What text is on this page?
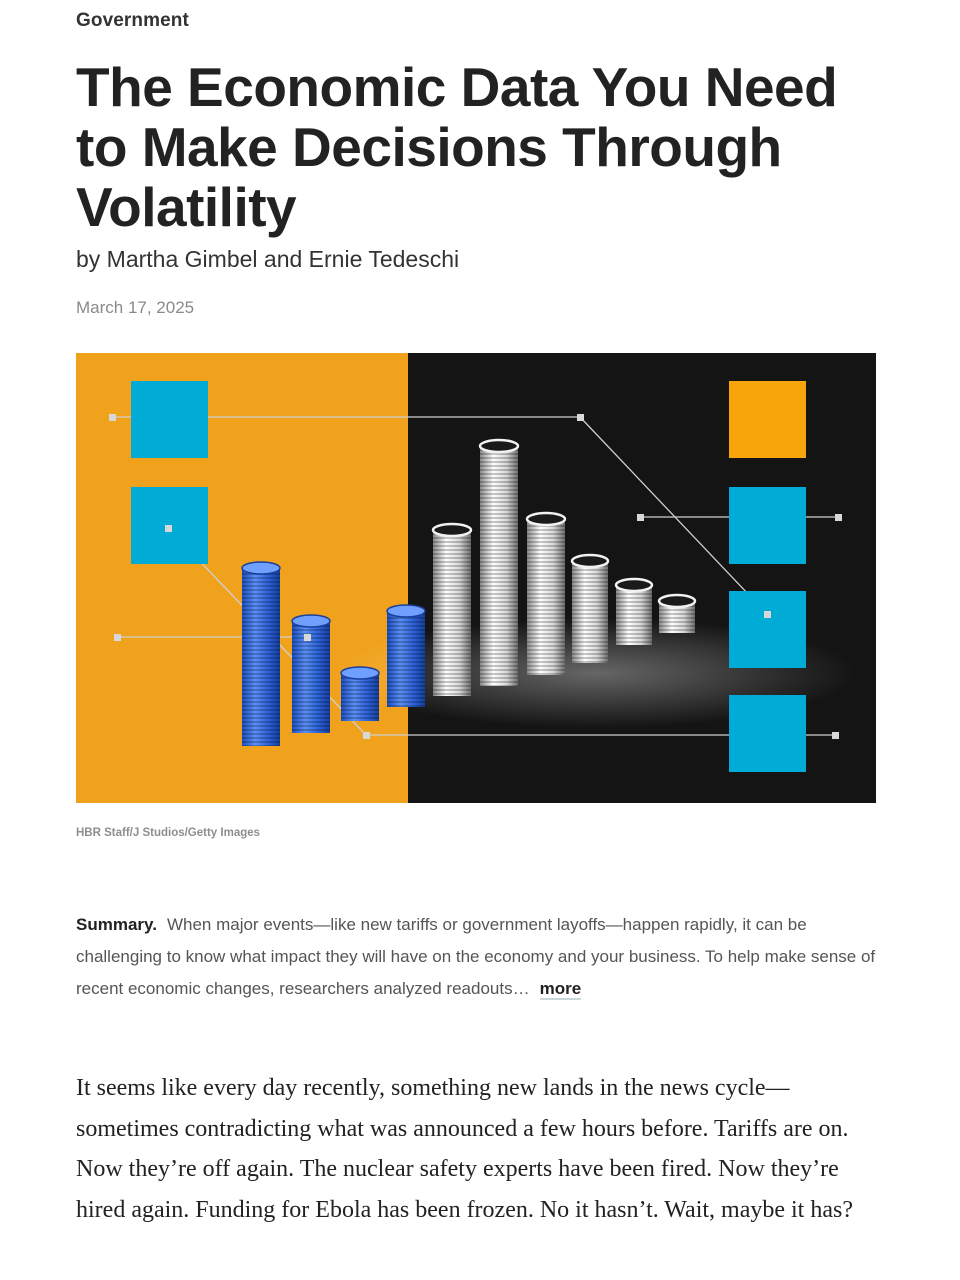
Government
The Economic Data You Need to Make Decisions Through Volatility
by Martha Gimbel and Ernie Tedeschi
March 17, 2025
HBR Staff/J Studios/Getty Images

Summary. When major events—like new tariffs or government layoffs—happen rapidly, it can be challenging to know what impact they will have on the economy and your business. To help make sense of recent economic changes, researchers analyzed readouts… more

It seems like every day recently, something new lands in the news cycle—sometimes contradicting what was announced a few hours before. Tariffs are on. Now they’re off again. The nuclear safety experts have been fired. Now they’re hired again. Funding for Ebola has been frozen. No it hasn’t. Wait, maybe it has?
